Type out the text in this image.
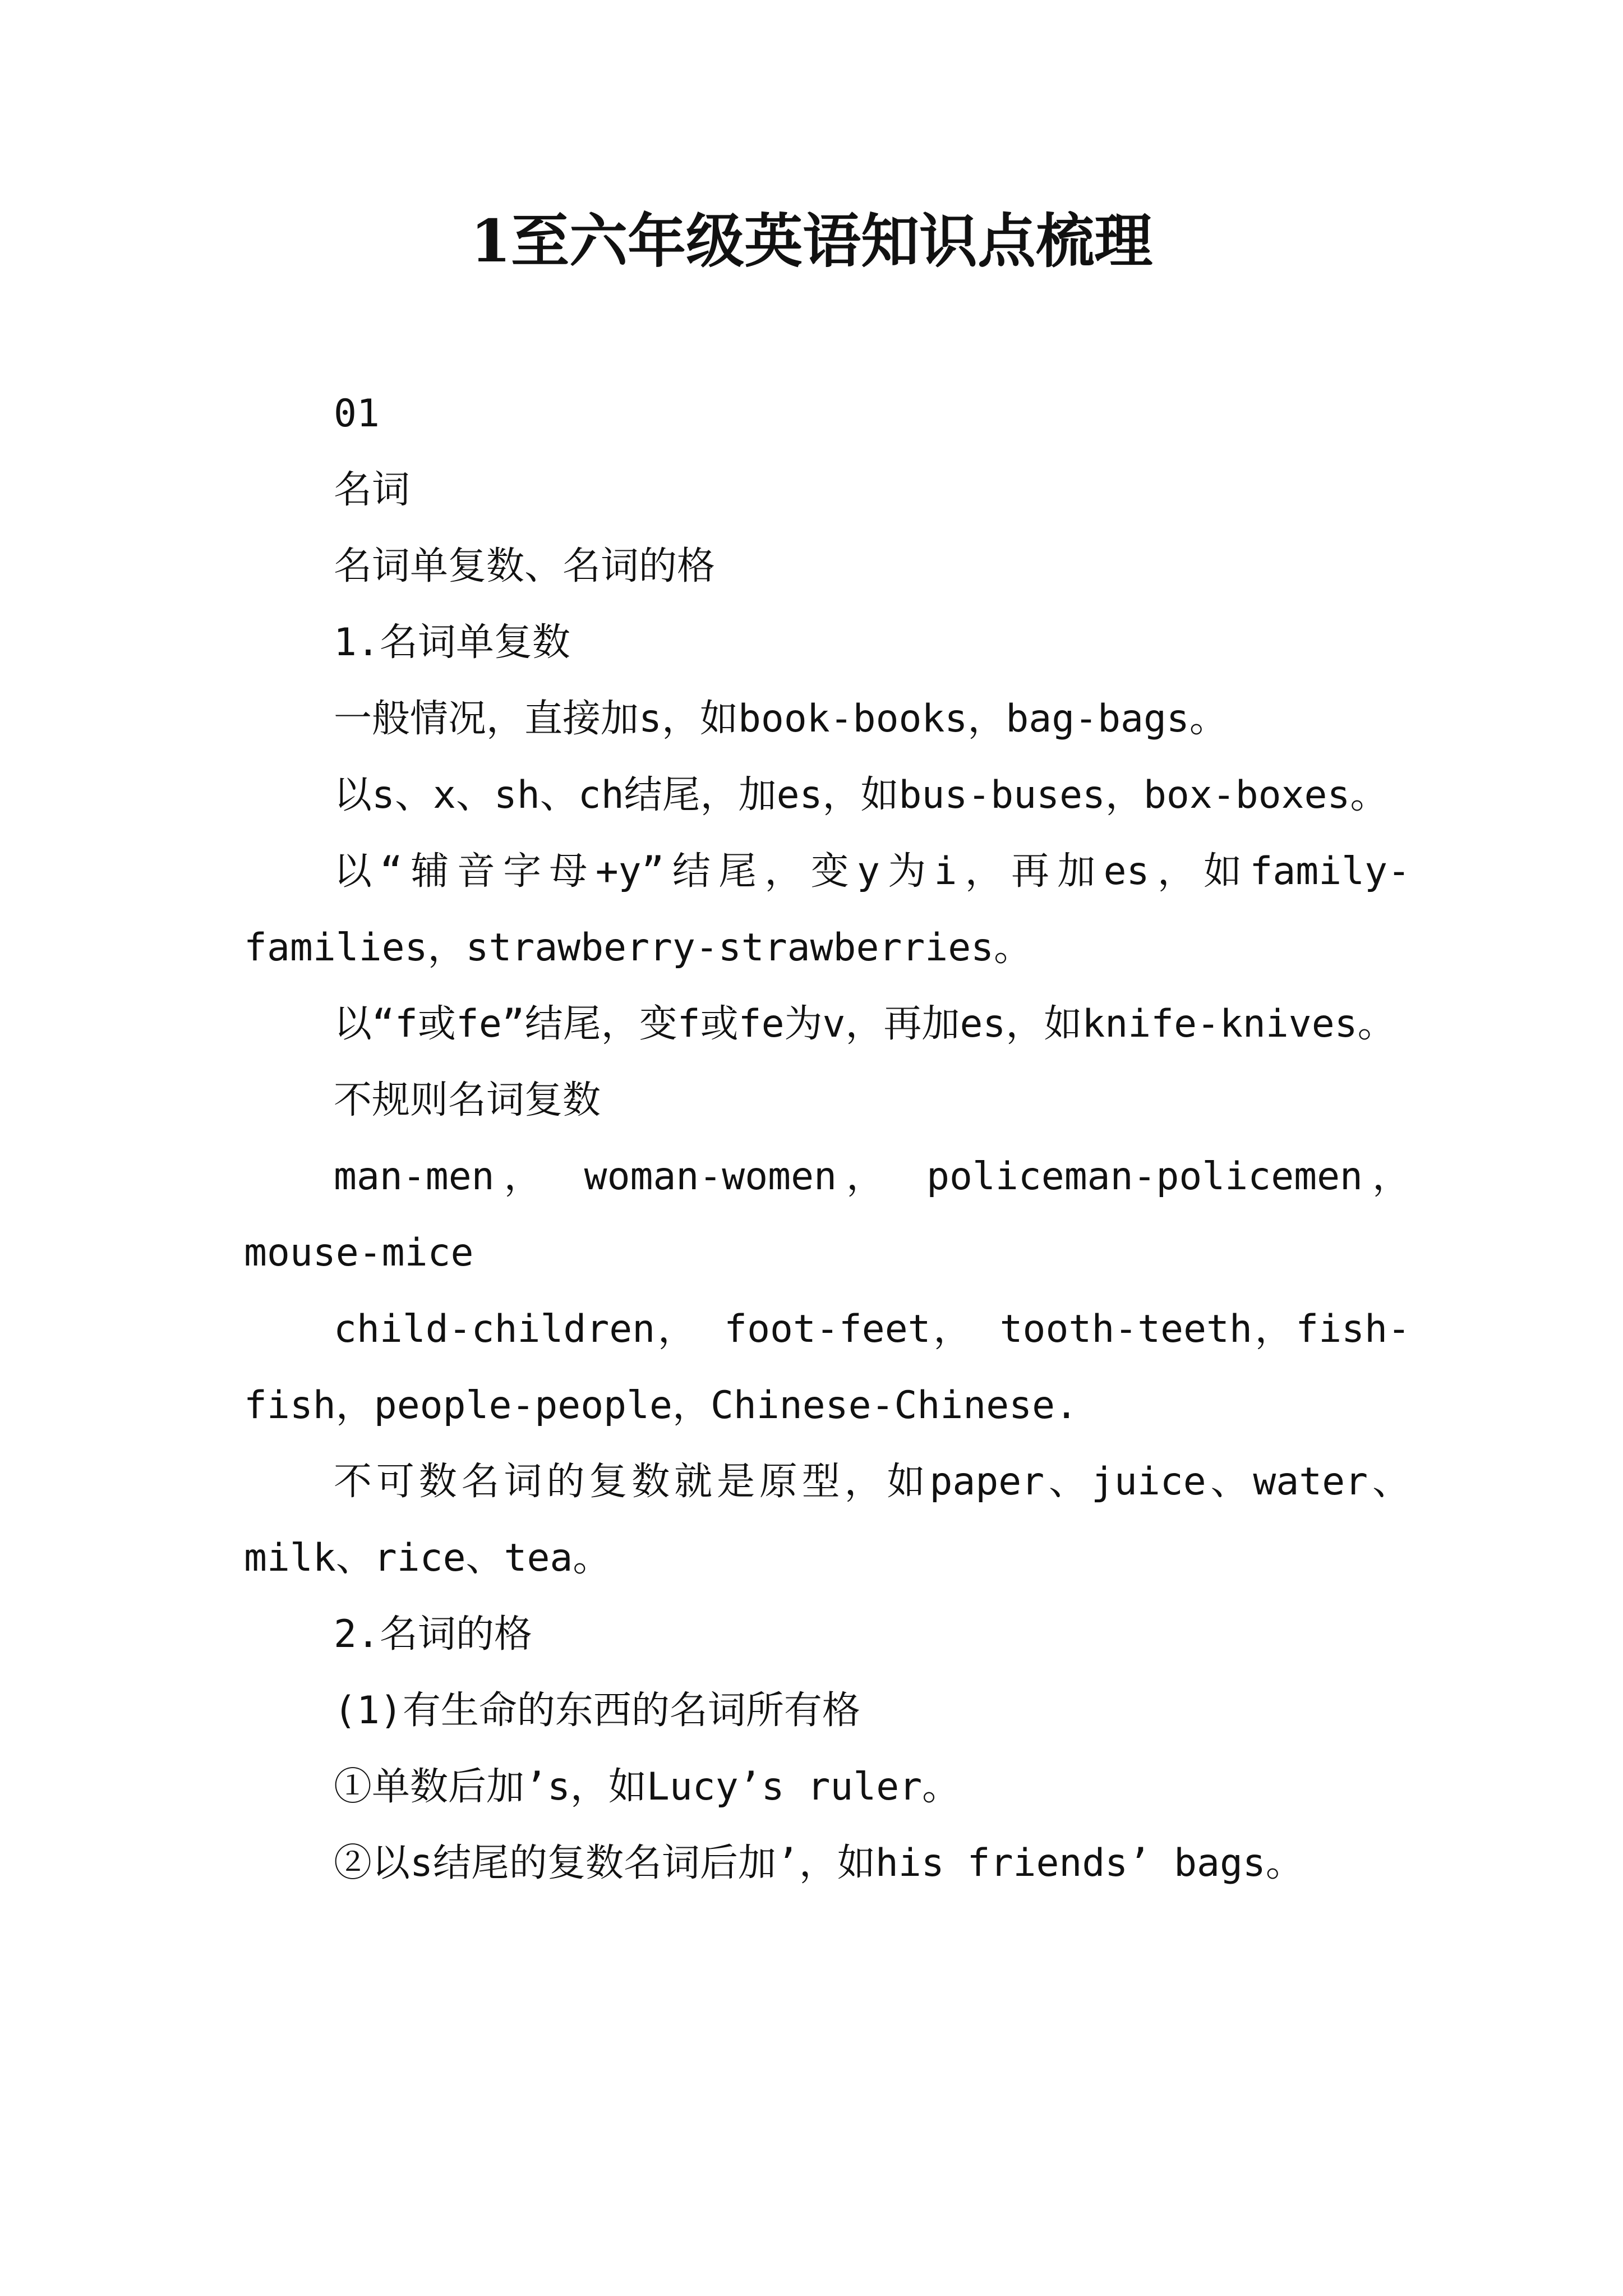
1至六年级英语知识点梳理

01

名词

名词单复数、名词的格

1.名词单复数

一般情况，直接加s，如book-books，bag-bags。

以s、x、sh、ch结尾，加es，如bus-buses，box-boxes。

以“辅音字母+y”结尾，变y为i，再加es，如family-families，strawberry-strawberries。

以“f或fe”结尾，变f或fe为v，再加es，如knife-knives。

不规则名词复数

man-men， woman-women， policeman-policemen，mouse-mice

child-children， foot-feet， tooth-teeth，fish-fish，people-people，Chinese-Chinese.

不可数名词的复数就是原型，如paper、juice、water、milk、rice、tea。

2.名词的格

(1)有生命的东西的名词所有格

①单数后加’s，如Lucy’s ruler。

②以s结尾的复数名词后加’，如his friends’ bags。
